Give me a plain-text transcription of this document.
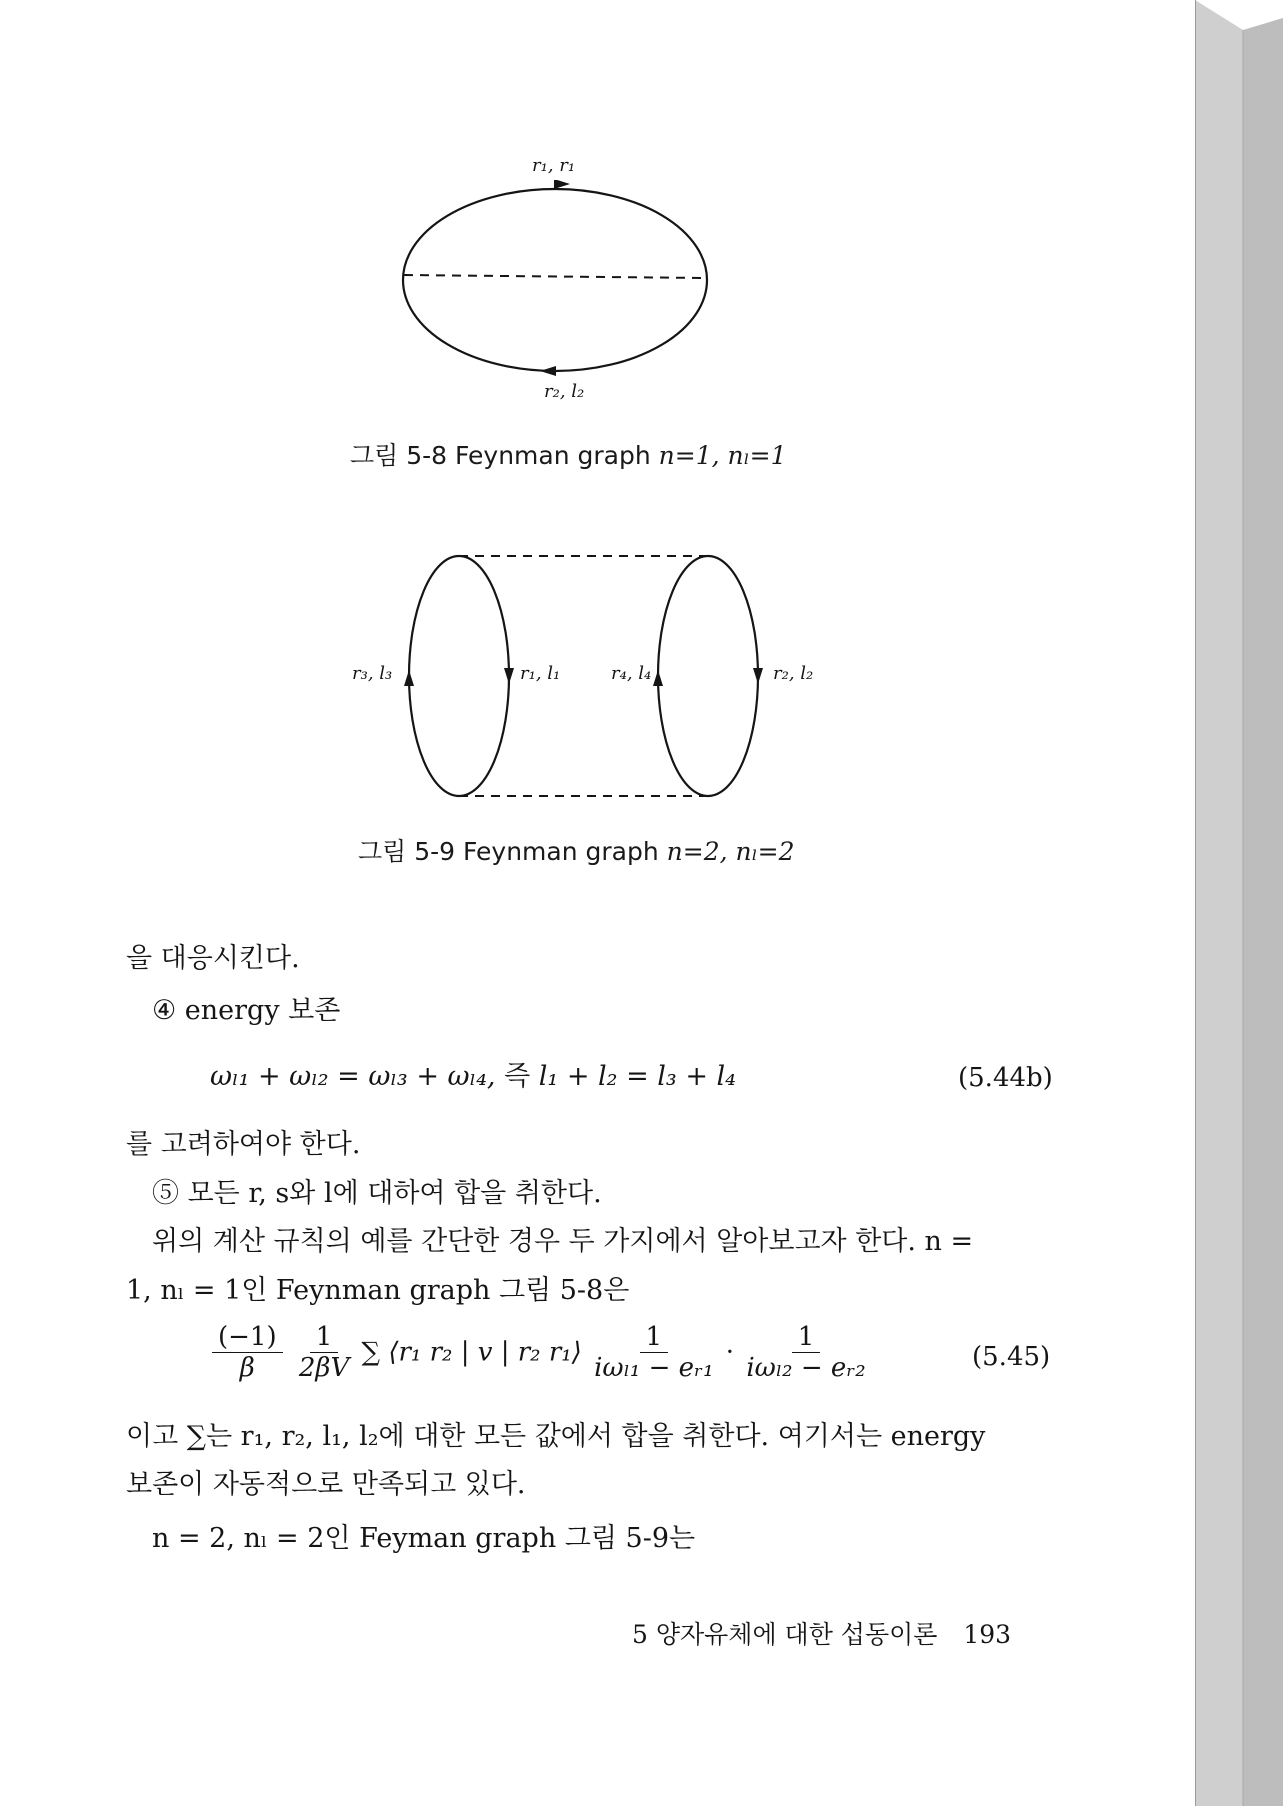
r₁, r₁
r₂, l₂
그림 5-8 Feynman graph n=1, nₗ=1
r₃, l₃	r₁, l₁	r₄, l₄	r₂, l₂
그림 5-9 Feynman graph n=2, nₗ=2
을 대응시킨다.
④ energy 보존
ωₗ₁ + ωₗ₂ = ωₗ₃ + ωₗ₄, 즉 l₁ + l₂ = l₃ + l₄	(5.44b)
를 고려하여야 한다.
⑤ 모든 r, s와 l에 대하여 합을 취한다.
위의 계산 규칙의 예를 간단한 경우 두 가지에서 알아보고자 한다. n =
1, nₗ = 1인 Feynman graph 그림 5-8은
$\frac{(-1)}{\beta}$
$\frac{1}{2\beta V}$ ∑ ⟨r₁ r₂ | v | r₂ r₁⟩ $\frac{1}{\text{iωₗ₁ − eᵣ₁}} \cdot \frac{1}{\text{iωₗ₂ − eᵣ₂}}$	(5.45)
이고 ∑는 r₁, r₂, l₁, l₂에 대한 모든 값에서 합을 취한다. 여기서는 energy
보존이 자동적으로 만족되고 있다.
n = 2, nₗ = 2인 Feyman graph 그림 5-9는
5 양자유체에 대한 섭동이론 193
